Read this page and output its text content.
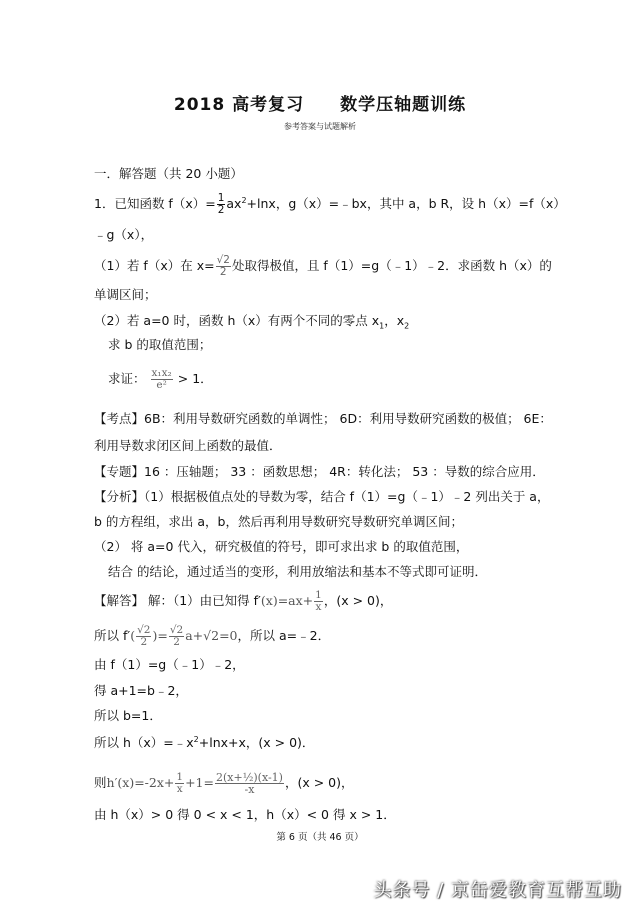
2018 高考复习 数学压轴题训练
参考答案与试题解析
一．解答题（共 20 小题）
1．已知函数 $f(x)= \frac{1}{2} ax^2+\ln x$，g（x）=﹣bx，其中 a，b R，设 h（x）=f（x）
﹣g（x），
（1）若 f（x）在 $x= \frac{√2}{2}$ 处取得极值，且 f（1）=g（﹣1）﹣2．求函数 h（x）的
单调区间；
（2）若 a=0 时，函数 h（x）有两个不同的零点 $x_1$，$x_2$
求 b 的取值范围；
求证： $\frac{\text{x₁x₂}}{\text{e²}} > 1$．
【考点】6B：利用导数研究函数的单调性； 6D：利用导数研究函数的极值； 6E：
利用导数求闭区间上函数的最值．
【专题】16 ：压轴题； 33 ：函数思想； 4R：转化法； 53 ：导数的综合应用．
【分析】（1）根据极值点处的导数为零，结合 f（1）=g（﹣1）﹣2 列出关于 a，
b 的方程组，求出 a，b，然后再利用导数研究导数研究单调区间；
（2） 将 a=0 代入，研究极值的符号，即可求出求 b 的取值范围，
结合 的结论，通过适当的变形，利用放缩法和基本不等式即可证明．
【解答】 解：（1）由已知得 $f'(x)=ax+ \frac{1}{x}$ ，(x > 0)，
所以 $f'( \frac{√2}{2}$ )= $\frac{√2}{2} a+√2=0$，所以 a=﹣2．
由 f（1）=g（﹣1）﹣2，
得 a+1=b﹣2，
所以 b=1．
所以 $h(x)=﹣x^2+\ln x+x$，(x > 0)．
则$h'(x)=-2x+ \frac{1}{x} +1= \frac{\text{2(x+½)(x-1)}}{-x}$ ，(x > 0)，
由 h（x）> 0 得 0 < x < 1，h（x）< 0 得 x > 1．
第 6 页（共 46 页）
头条号 / 京缶爱教育互帮互助
